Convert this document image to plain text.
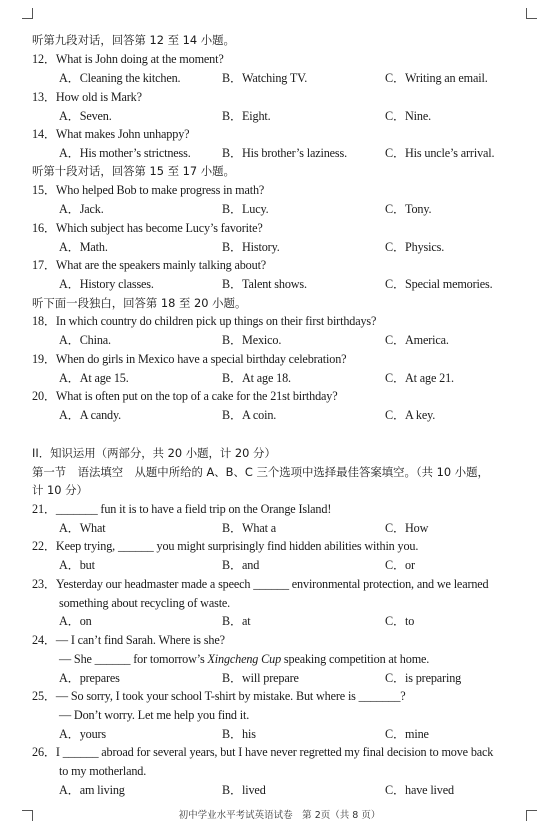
听第九段对话，回答第 12 至 14 小题。
12．What is John doing at the moment?
A．Cleaning the kitchen.	B．Watching TV.	C．Writing an email.
13．How old is Mark?
A．Seven.	B．Eight.	C．Nine.
14．What makes John unhappy?
A．His mother’s strictness.	B．His brother’s laziness.	C．His uncle’s arrival.
听第十段对话，回答第 15 至 17 小题。
15．Who helped Bob to make progress in math?
A．Jack.	B．Lucy.	C．Tony.
16．Which subject has become Lucy’s favorite?
A．Math.	B．History.	C．Physics.
17．What are the speakers mainly talking about?
A．History classes.	B．Talent shows.	C．Special memories.
听下面一段独白，回答第 18 至 20 小题。
18．In which country do children pick up things on their first birthdays?
A．China.	B．Mexico.	C．America.
19．When do girls in Mexico have a special birthday celebration?
A．At age 15.	B．At age 18.	C．At age 21.
20．What is often put on the top of a cake for the 21st birthday?
A．A candy.	B．A coin.	C．A key.
II．知识运用（两部分，共 20 小题，计 20 分）
第一节　语法填空　从题中所给的 A、B、C 三个选项中选择最佳答案填空。（共 10 小题，
计 10 分）
21．_______ fun it is to have a field trip on the Orange Island!
A．What	B．What a	C．How
22．Keep trying, ______ you might surprisingly find hidden abilities within you.
A．but	B．and	C．or
23．Yesterday our headmaster made a speech ______ environmental protection, and we learned
something about recycling of waste.
A．on	B．at	C．to
24．— I can’t find Sarah. Where is she?
— She ______ for tomorrow’s Xingcheng Cup speaking competition at home.
A．prepares	B．will prepare	C．is preparing
25．— So sorry, I took your school T-shirt by mistake. But where is _______?
— Don’t worry. Let me help you find it.
A．yours	B．his	C．mine
26．I ______ abroad for several years, but I have never regretted my final decision to move back
to my motherland.
A．am living	B．lived	C．have lived
初中学业水平考试英语试卷　第 2页（共 8 页）
